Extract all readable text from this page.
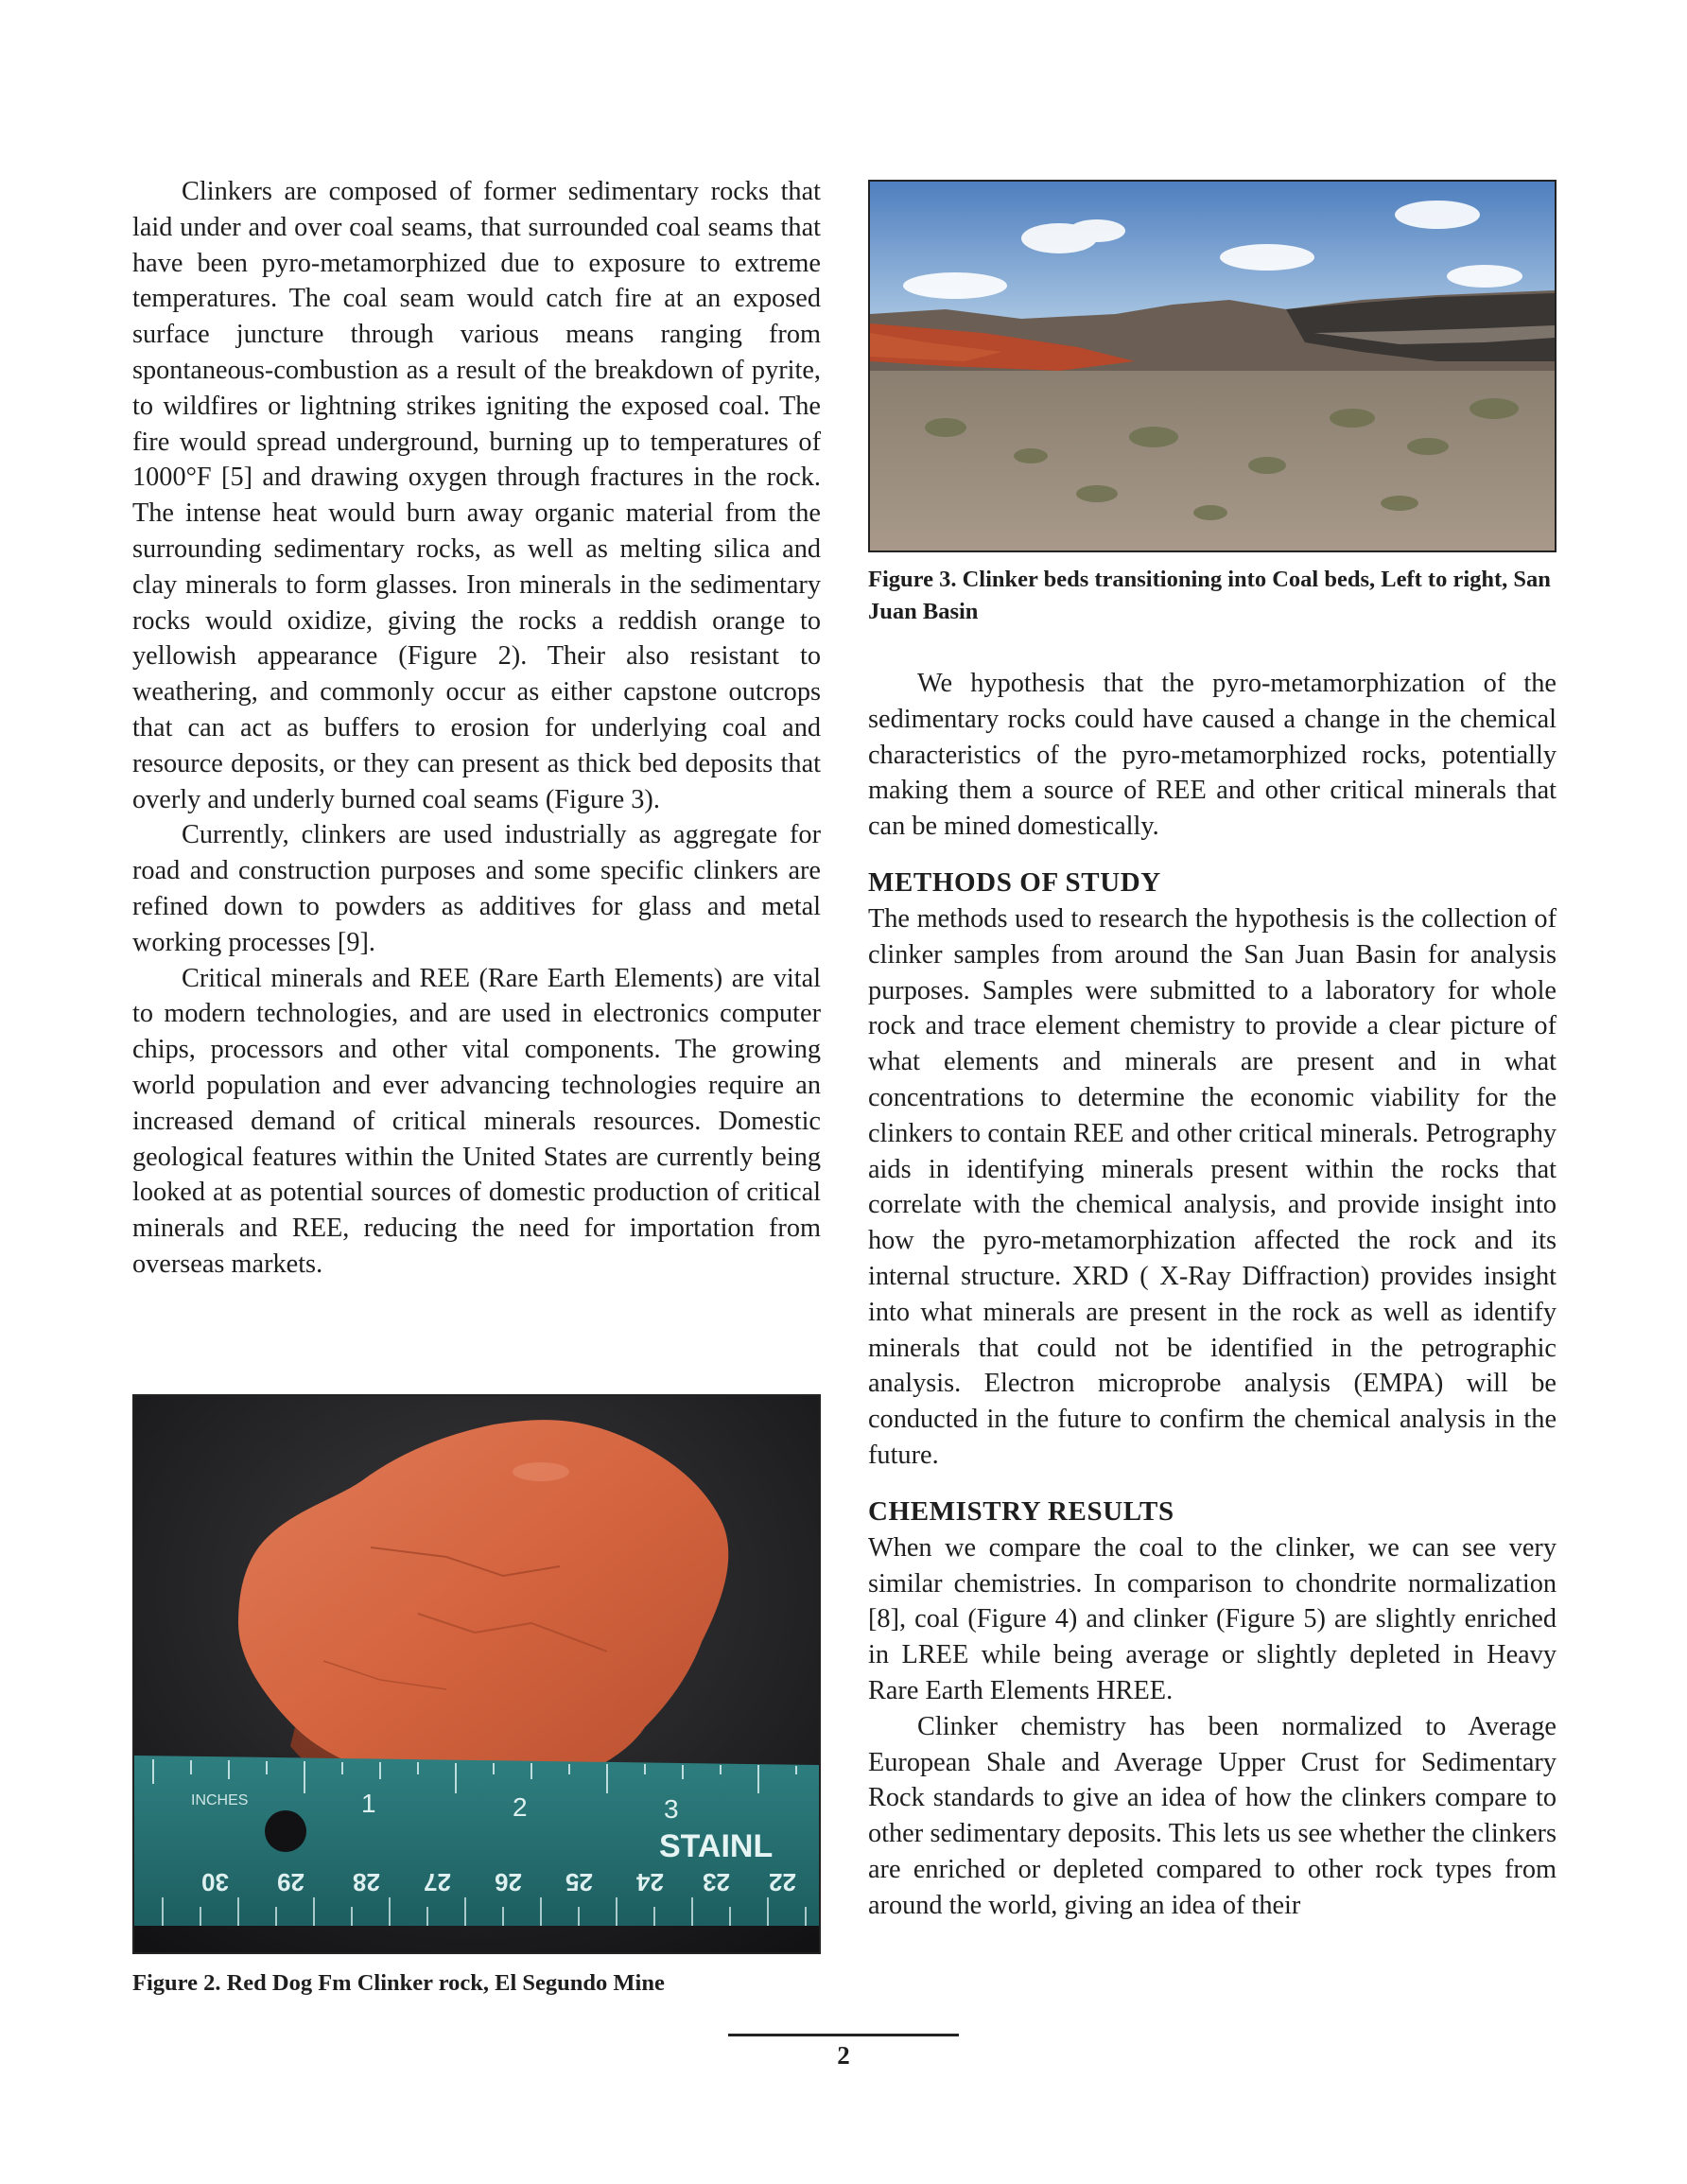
Clinkers are composed of former sedimentary rocks that laid under and over coal seams, that surrounded coal seams that have been pyro-metamorphized due to exposure to extreme temperatures. The coal seam would catch fire at an exposed surface juncture through various means ranging from spontaneous-combustion as a result of the breakdown of pyrite, to wildfires or lightning strikes igniting the exposed coal. The fire would spread underground, burning up to temperatures of 1000°F [5] and drawing oxygen through fractures in the rock. The intense heat would burn away organic material from the surrounding sedimentary rocks, as well as melting silica and clay minerals to form glasses. Iron minerals in the sedimentary rocks would oxidize, giving the rocks a reddish orange to yellowish appearance (Figure 2). Their also resistant to weathering, and commonly occur as either capstone outcrops that can act as buffers to erosion for underlying coal and resource deposits, or they can present as thick bed deposits that overly and underly burned coal seams (Figure 3).

Currently, clinkers are used industrially as aggregate for road and construction purposes and some specific clinkers are refined down to powders as additives for glass and metal working processes [9].

Critical minerals and REE (Rare Earth Elements) are vital to modern technologies, and are used in electronics computer chips, processors and other vital components. The growing world population and ever advancing technologies require an increased demand of critical minerals resources. Domestic geological features within the United States are currently being looked at as potential sources of domestic production of critical minerals and REE, reducing the need for importation from overseas markets.

INCHES	1	2	3
STAINL
30 29 28 27 26 25 24 23 22
Figure 2. Red Dog Fm Clinker rock, El Segundo Mine
Figure 3. Clinker beds transitioning into Coal beds, Left to right, San Juan Basin

We hypothesis that the pyro-metamorphization of the sedimentary rocks could have caused a change in the chemical characteristics of the pyro-metamorphized rocks, potentially making them a source of REE and other critical minerals that can be mined domestically.

METHODS OF STUDY

The methods used to research the hypothesis is the collection of clinker samples from around the San Juan Basin for analysis purposes. Samples were submitted to a laboratory for whole rock and trace element chemistry to provide a clear picture of what elements and minerals are present and in what concentrations to determine the economic viability for the clinkers to contain REE and other critical minerals. Petrography aids in identifying minerals present within the rocks that correlate with the chemical analysis, and provide insight into how the pyro-metamorphization affected the rock and its internal structure. XRD ( X-Ray Diffraction) provides insight into what minerals are present in the rock as well as identify minerals that could not be identified in the petrographic analysis. Electron microprobe analysis (EMPA) will be conducted in the future to confirm the chemical analysis in the future.

CHEMISTRY RESULTS

When we compare the coal to the clinker, we can see very similar chemistries. In comparison to chondrite normalization [8], coal (Figure 4) and clinker (Figure 5) are slightly enriched in LREE while being average or slightly depleted in Heavy Rare Earth Elements HREE.

Clinker chemistry has been normalized to Average European Shale and Average Upper Crust for Sedimentary Rock standards to give an idea of how the clinkers compare to other sedimentary deposits. This lets us see whether the clinkers are enriched or depleted compared to other rock types from around the world, giving an idea of their

2
